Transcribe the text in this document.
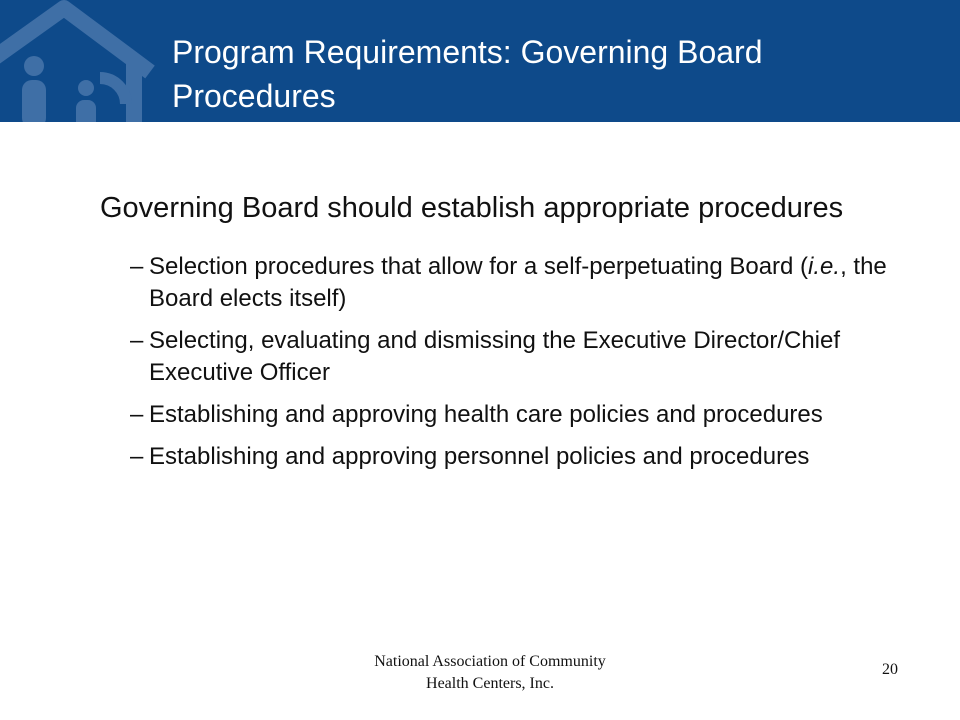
Program Requirements: Governing Board Procedures

Governing Board should establish appropriate procedures

– Selection procedures that allow for a self-perpetuating Board (i.e., the Board elects itself)
– Selecting, evaluating and dismissing the Executive Director/Chief Executive Officer
– Establishing and approving health care policies and procedures
– Establishing and approving personnel policies and procedures
National Association of Community Health Centers, Inc.
20
